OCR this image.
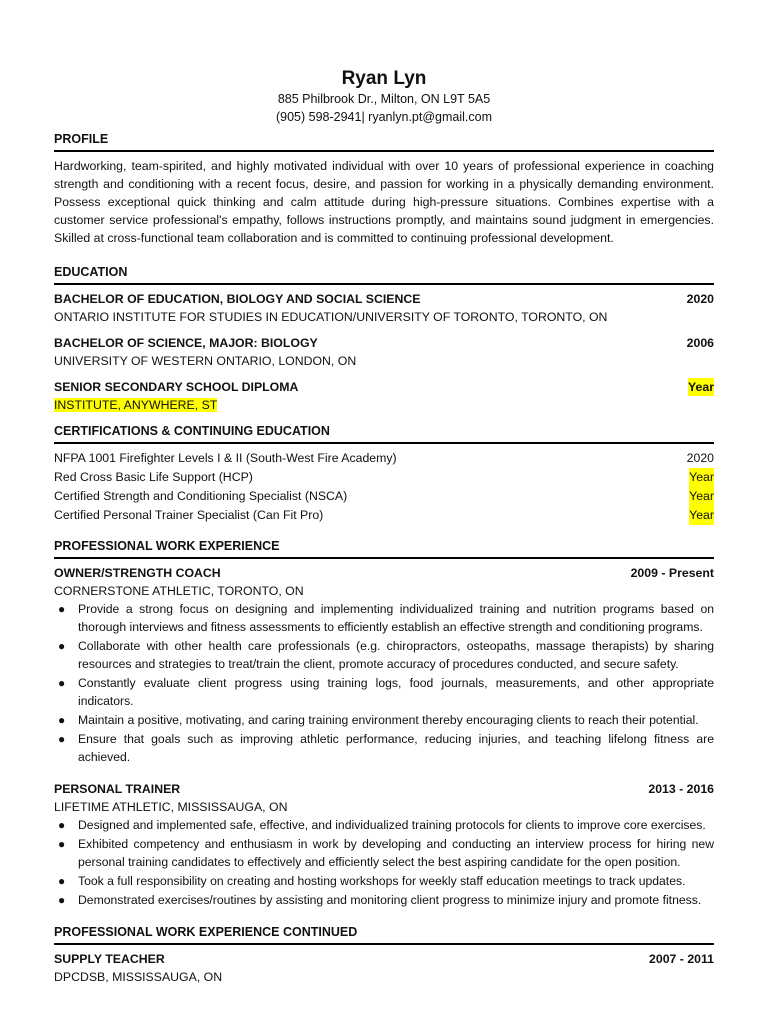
Ryan Lyn
885 Philbrook Dr., Milton, ON L9T 5A5
(905) 598-2941| ryanlyn.pt@gmail.com
PROFILE

Hardworking, team-spirited, and highly motivated individual with over 10 years of professional experience in coaching strength and conditioning with a recent focus, desire, and passion for working in a physically demanding environment. Possess exceptional quick thinking and calm attitude during high-pressure situations. Combines expertise with a customer service professional's empathy, follows instructions promptly, and maintains sound judgment in emergencies. Skilled at cross-functional team collaboration and is committed to continuing professional development.

EDUCATION
BACHELOR OF EDUCATION, BIOLOGY AND SOCIAL SCIENCE	2020
ONTARIO INSTITUTE FOR STUDIES IN EDUCATION/UNIVERSITY OF TORONTO, TORONTO, ON
BACHELOR OF SCIENCE, MAJOR: BIOLOGY	2006
UNIVERSITY OF WESTERN ONTARIO, LONDON, ON
SENIOR SECONDARY SCHOOL DIPLOMA	Year
INSTITUTE, ANYWHERE, ST
CERTIFICATIONS & CONTINUING EDUCATION
NFPA 1001 Firefighter Levels I & II (South-West Fire Academy)	2020
Red Cross Basic Life Support (HCP)	Year
Certified Strength and Conditioning Specialist (NSCA)	Year
Certified Personal Trainer Specialist (Can Fit Pro)	Year
PROFESSIONAL WORK EXPERIENCE
OWNER/STRENGTH COACH	2009 - Present
CORNERSTONE ATHLETIC, TORONTO, ON
● Provide a strong focus on designing and implementing individualized training and nutrition programs based on thorough interviews and fitness assessments to efficiently establish an effective strength and conditioning programs.
● Collaborate with other health care professionals (e.g. chiropractors, osteopaths, massage therapists) by sharing resources and strategies to treat/train the client, promote accuracy of procedures conducted, and secure safety.
● Constantly evaluate client progress using training logs, food journals, measurements, and other appropriate indicators.
● Maintain a positive, motivating, and caring training environment thereby encouraging clients to reach their potential.
● Ensure that goals such as improving athletic performance, reducing injuries, and teaching lifelong fitness are achieved.
PERSONAL TRAINER	2013 - 2016
LIFETIME ATHLETIC, MISSISSAUGA, ON
● Designed and implemented safe, effective, and individualized training protocols for clients to improve core exercises.
● Exhibited competency and enthusiasm in work by developing and conducting an interview process for hiring new personal training candidates to effectively and efficiently select the best aspiring candidate for the open position.
● Took a full responsibility on creating and hosting workshops for weekly staff education meetings to track updates.
● Demonstrated exercises/routines by assisting and monitoring client progress to minimize injury and promote fitness.
PROFESSIONAL WORK EXPERIENCE CONTINUED
SUPPLY TEACHER	2007 - 2011
DPCDSB, MISSISSAUGA, ON
